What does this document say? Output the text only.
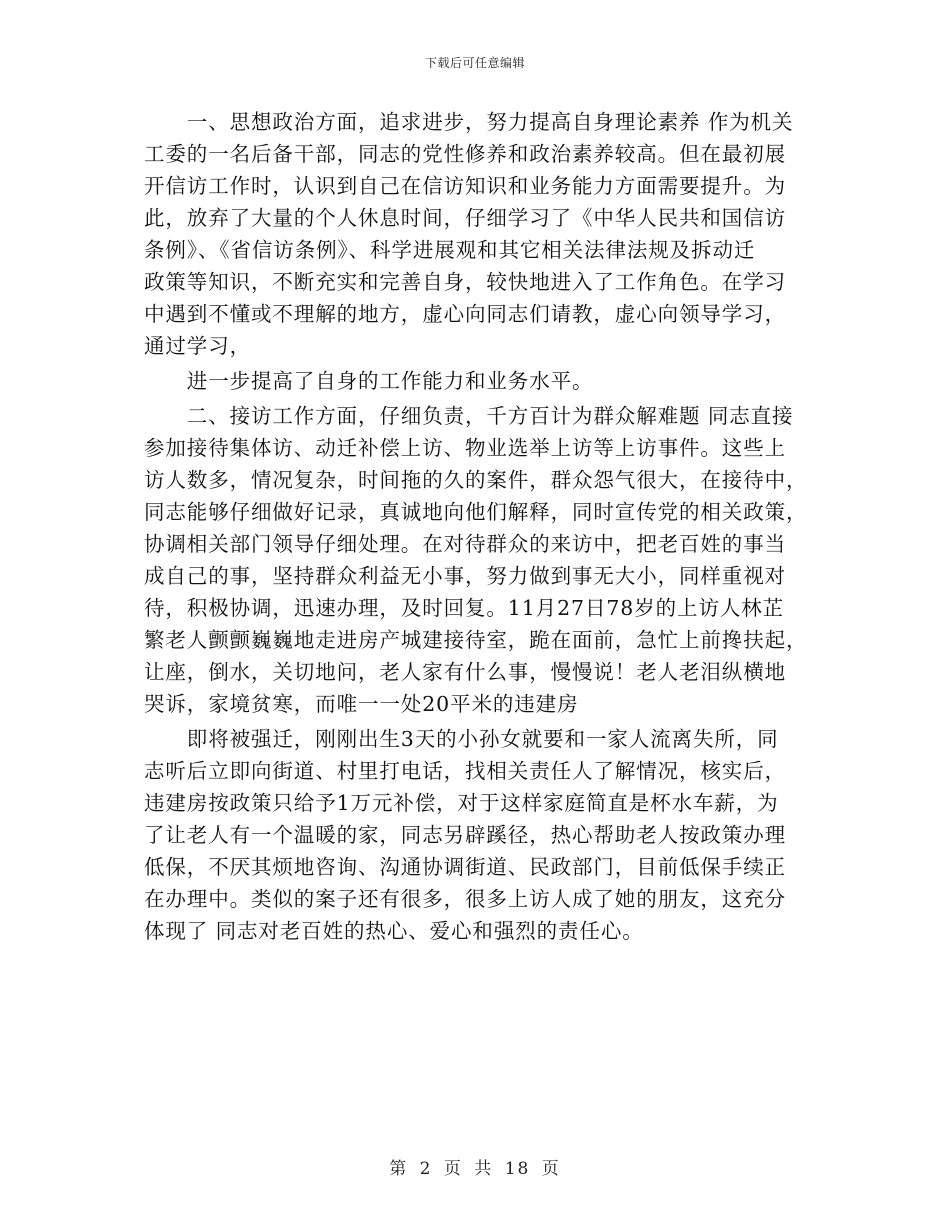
下载后可任意编辑
　　一、思想政治方面，追求进步，努力提高自身理论素养 作为机关
工委的一名后备干部，同志的党性修养和政治素养较高。但在最初展
开信访工作时，认识到自己在信访知识和业务能力方面需要提升。为
此，放弃了大量的个人休息时间，仔细学习了《中华人民共和国信访
条例》、《省信访条例》、科学进展观和其它相关法律法规及拆动迁
政策等知识，不断充实和完善自身，较快地进入了工作角色。在学习
中遇到不懂或不理解的地方，虚心向同志们请教，虚心向领导学习，
通过学习，
　　进一步提高了自身的工作能力和业务水平。
　　二、接访工作方面，仔细负责，千方百计为群众解难题 同志直接
参加接待集体访、动迁补偿上访、物业选举上访等上访事件。这些上
访人数多，情况复杂，时间拖的久的案件，群众怨气很大，在接待中，
同志能够仔细做好记录，真诚地向他们解释，同时宣传党的相关政策，
协调相关部门领导仔细处理。在对待群众的来访中，把老百姓的事当
成自己的事，坚持群众利益无小事，努力做到事无大小，同样重视对
待，积极协调，迅速办理，及时回复。11月27日78岁的上访人林芷
繁老人颤颤巍巍地走进房产城建接待室，跪在面前，急忙上前搀扶起，
让座，倒水，关切地问，老人家有什么事，慢慢说！老人老泪纵横地
哭诉，家境贫寒，而唯一一处20平米的违建房
　　即将被强迁，刚刚出生3天的小孙女就要和一家人流离失所，同
志听后立即向街道、村里打电话，找相关责任人了解情况，核实后，
违建房按政策只给予1万元补偿，对于这样家庭简直是杯水车薪，为
了让老人有一个温暖的家，同志另辟蹊径，热心帮助老人按政策办理
低保，不厌其烦地咨询、沟通协调街道、民政部门，目前低保手续正
在办理中。类似的案子还有很多，很多上访人成了她的朋友，这充分
体现了 同志对老百姓的热心、爱心和强烈的责任心。
第 2 页 共 18 页
